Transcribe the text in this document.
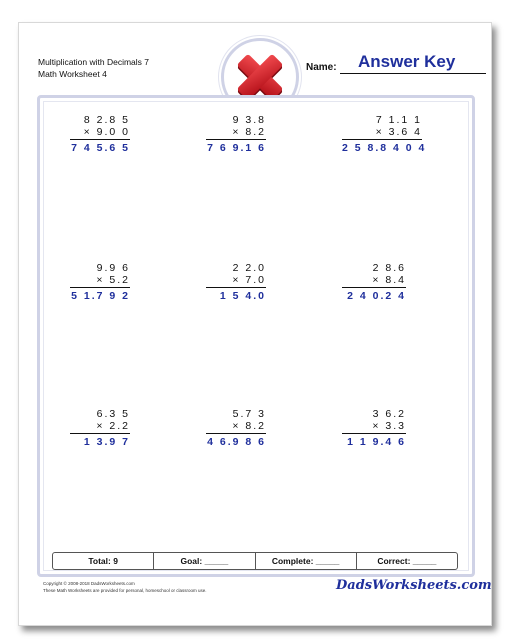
Multiplication with Decimals 7
Math Worksheet 4
Name: Answer Key
8 2.8 5
× 9.0 0
7 4 5.6 5
9 3.8
× 8.2
7 6 9.1 6
7 1.1 1
× 3.6 4
2 5 8.8 4 0 4
9.9 6
× 5.2
5 1.7 9 2
2 2.0
× 7.0
1 5 4.0
2 8.6
× 8.4
2 4 0.2 4
6.3 5
× 2.2
1 3.9 7
5.7 3
× 8.2
4 6.9 8 6
3 6.2
× 3.3
1 1 9.4 6
Total: 9	Goal: _____	Complete: _____	Correct: _____
Copyright © 2008-2018 DadsWorksheets.com
These Math Worksheets are provided for personal, homeschool or classroom use.	DadsWorksheets.com
